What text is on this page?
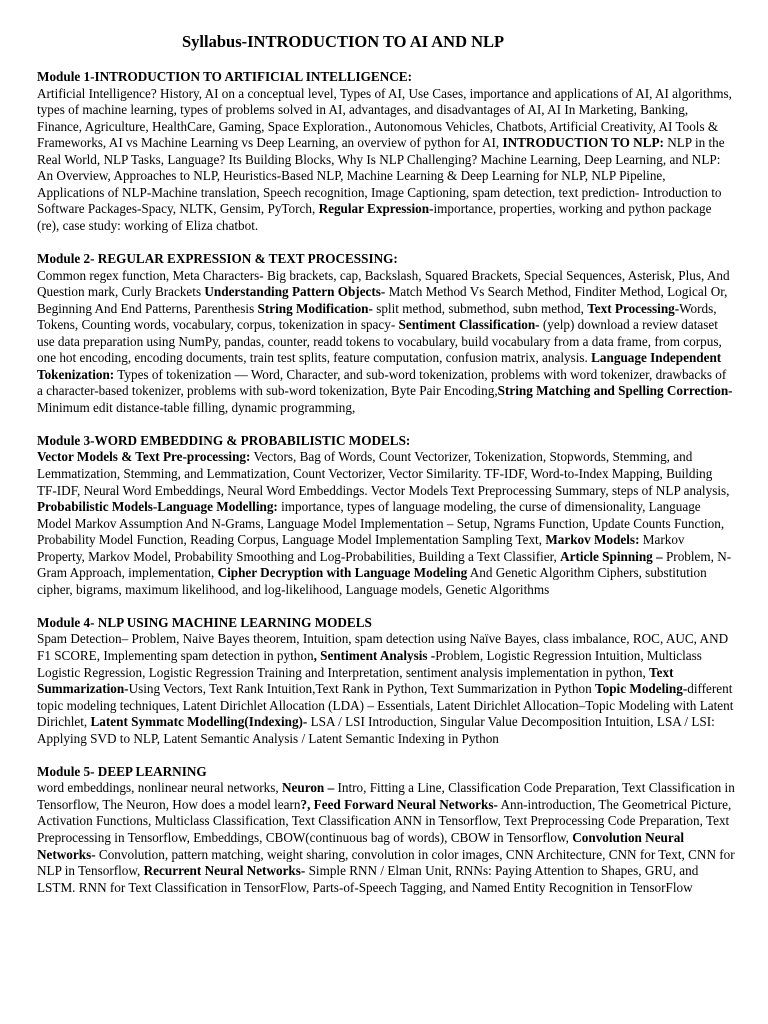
Syllabus-INTRODUCTION TO AI AND NLP
Module 1-INTRODUCTION TO ARTIFICIAL INTELLIGENCE:

Artificial Intelligence? History, AI on a conceptual level, Types of AI, Use Cases, importance and applications of AI, AI algorithms, types of machine learning, types of problems solved in AI, advantages, and disadvantages of AI, AI In Marketing, Banking, Finance, Agriculture, HealthCare, Gaming, Space Exploration., Autonomous Vehicles, Chatbots, Artificial Creativity, AI Tools & Frameworks, AI vs Machine Learning vs Deep Learning, an overview of python for AI, INTRODUCTION TO NLP: NLP in the Real World, NLP Tasks, Language? Its Building Blocks, Why Is NLP Challenging? Machine Learning, Deep Learning, and NLP: An Overview, Approaches to NLP, Heuristics-Based NLP, Machine Learning & Deep Learning for NLP, NLP Pipeline, Applications of NLP-Machine translation, Speech recognition, Image Captioning, spam detection, text prediction- Introduction to Software Packages-Spacy, NLTK, Gensim, PyTorch, Regular Expression-importance, properties, working and python package (re), case study: working of Eliza chatbot.

Module 2- REGULAR EXPRESSION & TEXT PROCESSING:

Common regex function, Meta Characters- Big brackets, cap, Backslash, Squared Brackets, Special Sequences, Asterisk, Plus, And Question mark, Curly Brackets Understanding Pattern Objects- Match Method Vs Search Method, Finditer Method, Logical Or, Beginning And End Patterns, Parenthesis String Modification- split method, submethod, subn method, Text Processing-Words, Tokens, Counting words, vocabulary, corpus, tokenization in spacy- Sentiment Classification- (yelp) download a review dataset use data preparation using NumPy, pandas, counter, readd tokens to vocabulary, build vocabulary from a data frame, from corpus, one hot encoding, encoding documents, train test splits, feature computation, confusion matrix, analysis. Language Independent Tokenization: Types of tokenization — Word, Character, and sub-word tokenization, problems with word tokenizer, drawbacks of a character-based tokenizer, problems with sub-word tokenization, Byte Pair Encoding,String Matching and Spelling Correction-Minimum edit distance-table filling, dynamic programming,

Module 3-WORD EMBEDDING & PROBABILISTIC MODELS:

Vector Models & Text Pre-processing: Vectors, Bag of Words, Count Vectorizer, Tokenization, Stopwords, Stemming, and Lemmatization, Stemming, and Lemmatization, Count Vectorizer, Vector Similarity. TF-IDF, Word-to-Index Mapping, Building TF-IDF, Neural Word Embeddings, Neural Word Embeddings. Vector Models Text Preprocessing Summary, steps of NLP analysis, Probabilistic Models-Language Modelling: importance, types of language modeling, the curse of dimensionality, Language Model Markov Assumption And N-Grams, Language Model Implementation – Setup, Ngrams Function, Update Counts Function, Probability Model Function, Reading Corpus, Language Model Implementation Sampling Text, Markov Models: Markov Property, Markov Model, Probability Smoothing and Log-Probabilities, Building a Text Classifier, Article Spinning – Problem, N-Gram Approach, implementation, Cipher Decryption with Language Modeling And Genetic Algorithm Ciphers, substitution cipher, bigrams, maximum likelihood, and log-likelihood, Language models, Genetic Algorithms

Module 4- NLP USING MACHINE LEARNING MODELS

Spam Detection– Problem, Naive Bayes theorem, Intuition, spam detection using Naïve Bayes, class imbalance, ROC, AUC, AND F1 SCORE, Implementing spam detection in python, Sentiment Analysis -Problem, Logistic Regression Intuition, Multiclass Logistic Regression, Logistic Regression Training and Interpretation, sentiment analysis implementation in python, Text Summarization-Using Vectors, Text Rank Intuition,Text Rank in Python, Text Summarization in Python Topic Modeling-different topic modeling techniques, Latent Dirichlet Allocation (LDA) – Essentials, Latent Dirichlet Allocation–Topic Modeling with Latent Dirichlet, Latent Symmatc Modelling(Indexing)- LSA / LSI Introduction, Singular Value Decomposition Intuition, LSA / LSI: Applying SVD to NLP, Latent Semantic Analysis / Latent Semantic Indexing in Python

Module 5- DEEP LEARNING

word embeddings, nonlinear neural networks, Neuron – Intro, Fitting a Line, Classification Code Preparation, Text Classification in Tensorflow, The Neuron, How does a model learn?, Feed Forward Neural Networks- Ann-introduction, The Geometrical Picture, Activation Functions, Multiclass Classification, Text Classification ANN in Tensorflow, Text Preprocessing Code Preparation, Text Preprocessing in Tensorflow, Embeddings, CBOW(continuous bag of words), CBOW in Tensorflow, Convolution Neural Networks- Convolution, pattern matching, weight sharing, convolution in color images, CNN Architecture, CNN for Text, CNN for NLP in Tensorflow, Recurrent Neural Networks- Simple RNN / Elman Unit, RNNs: Paying Attention to Shapes, GRU, and LSTM. RNN for Text Classification in TensorFlow, Parts-of-Speech Tagging, and Named Entity Recognition in TensorFlow
